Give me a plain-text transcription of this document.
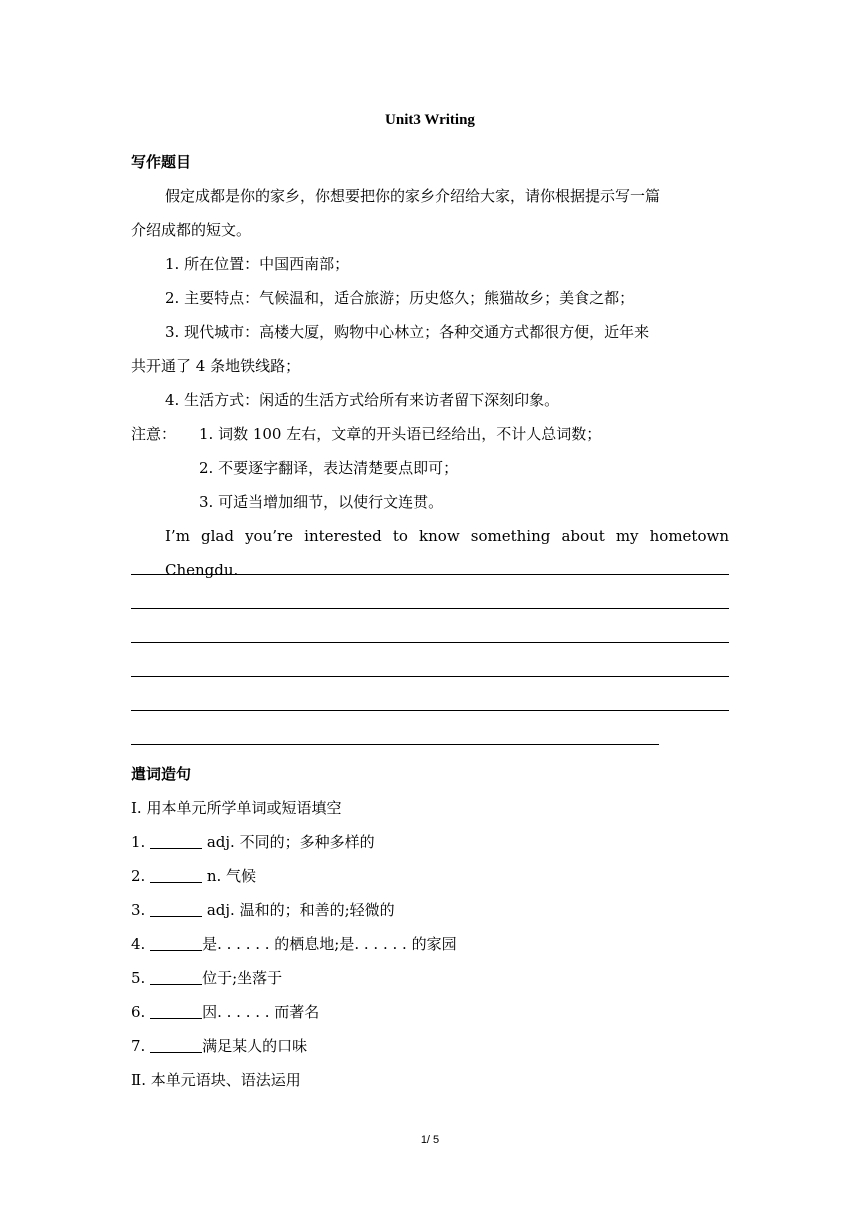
Unit3 Writing
写作题目
假定成都是你的家乡，你想要把你的家乡介绍给大家，请你根据提示写一篇
介绍成都的短文。
1. 所在位置：中国西南部；
2. 主要特点：气候温和，适合旅游；历史悠久；熊猫故乡；美食之都；
3. 现代城市：高楼大厦，购物中心林立；各种交通方式都很方便，近年来
共开通了 4 条地铁线路；
4. 生活方式：闲适的生活方式给所有来访者留下深刻印象。
注意：	1. 词数 100 左右，文章的开头语已经给出，不计人总词数；
2. 不要逐字翻译，表达清楚要点即可；
3. 可适当增加细节，以使行文连贯。
I’m glad you’re interested to know something about my hometown Chengdu.
遣词造句
I. 用本单元所学单词或短语填空
1.	adj. 不同的；多种多样的
2.	n. 气候
3.	adj. 温和的；和善的;轻微的
4.	是. . . . . . 的栖息地;是. . . . . . 的家园
5.	位于;坐落于
6.	因. . . . . . 而著名
7.	满足某人的口味
Ⅱ. 本单元语块、语法运用
1/ 5
